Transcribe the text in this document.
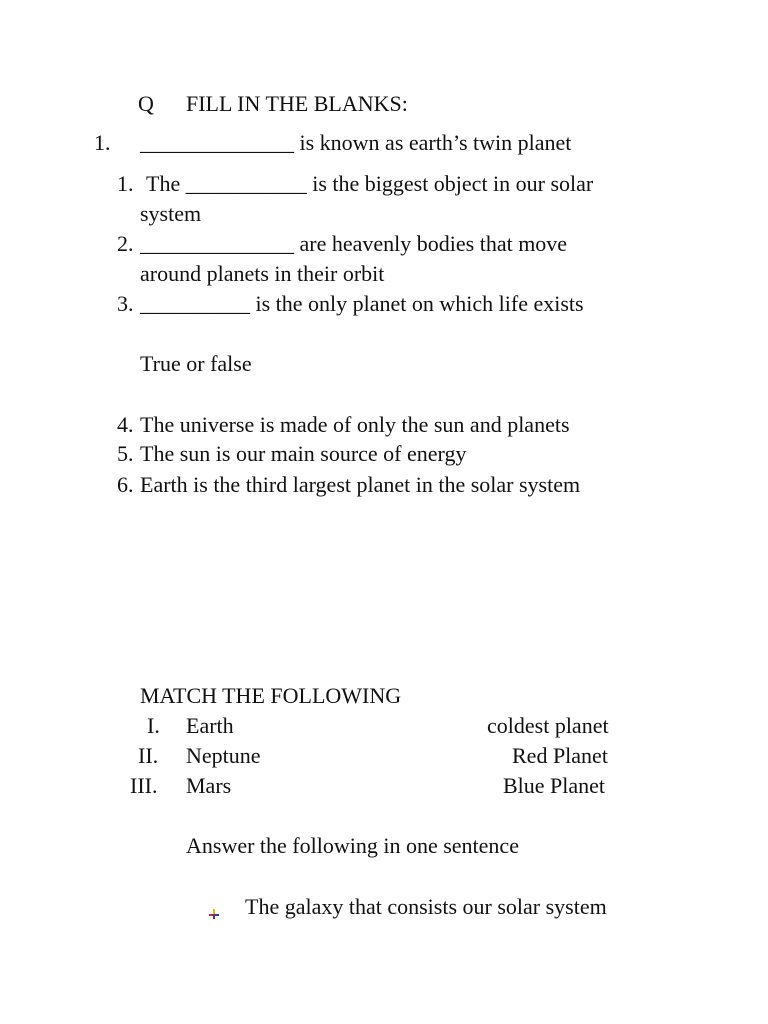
Q FILL IN THE BLANKS:
1. ______________ is known as earth’s twin planet
1. The ___________ is the biggest object in our solar
system
2. ______________ are heavenly bodies that move
around planets in their orbit
3. __________ is the only planet on which life exists
True or false
4. The universe is made of only the sun and planets
5. The sun is our main source of energy
6. Earth is the third largest planet in the solar system
MATCH THE FOLLOWING
I. Earth	coldest planet
II. Neptune	Red Planet
III. Mars	Blue Planet
Answer the following in one sentence
The galaxy that consists our solar system
